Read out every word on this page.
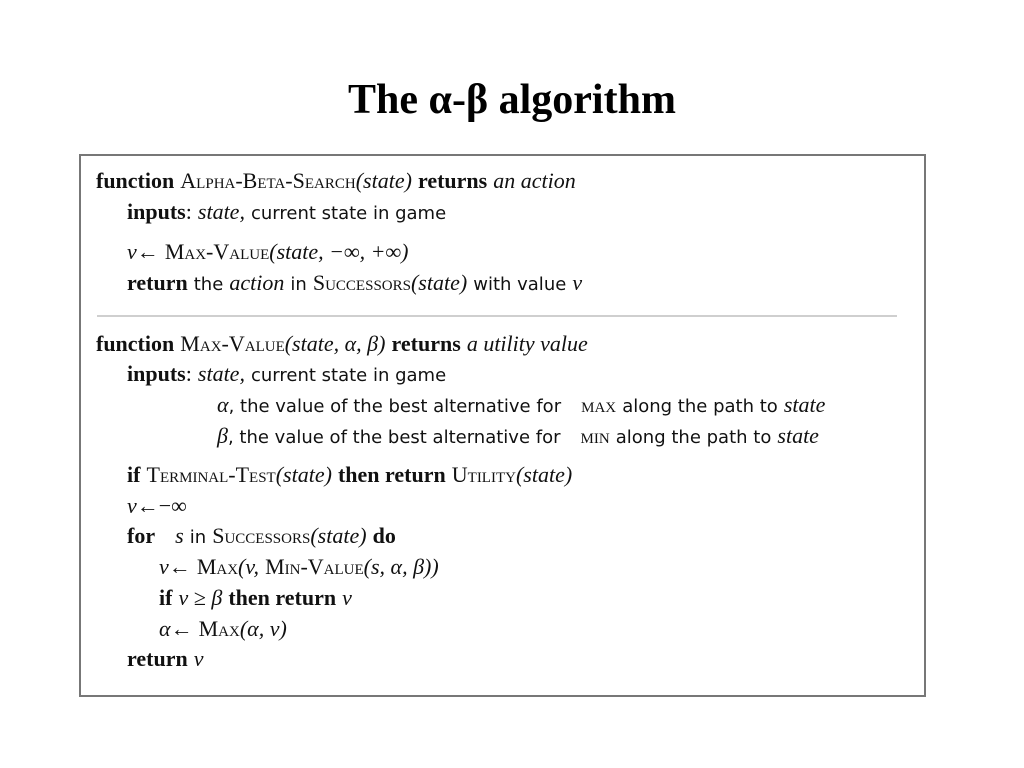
The α-β algorithm
function Alpha-Beta-Search(state) returns an action
inputs: state, current state in game
v← Max-Value(state, −∞, +∞)
return the action in Successors(state) with value v
function Max-Value(state, α, β) returns a utility value
inputs: state, current state in game
α, the value of the best alternative for max along the path to state
β, the value of the best alternative for min along the path to state
if Terminal-Test(state) then return Utility(state)
v←−∞
for s in Successors(state) do
v← Max(v, Min-Value(s, α, β))
if v ≥ β then return v
α← Max(α, v)
return v
